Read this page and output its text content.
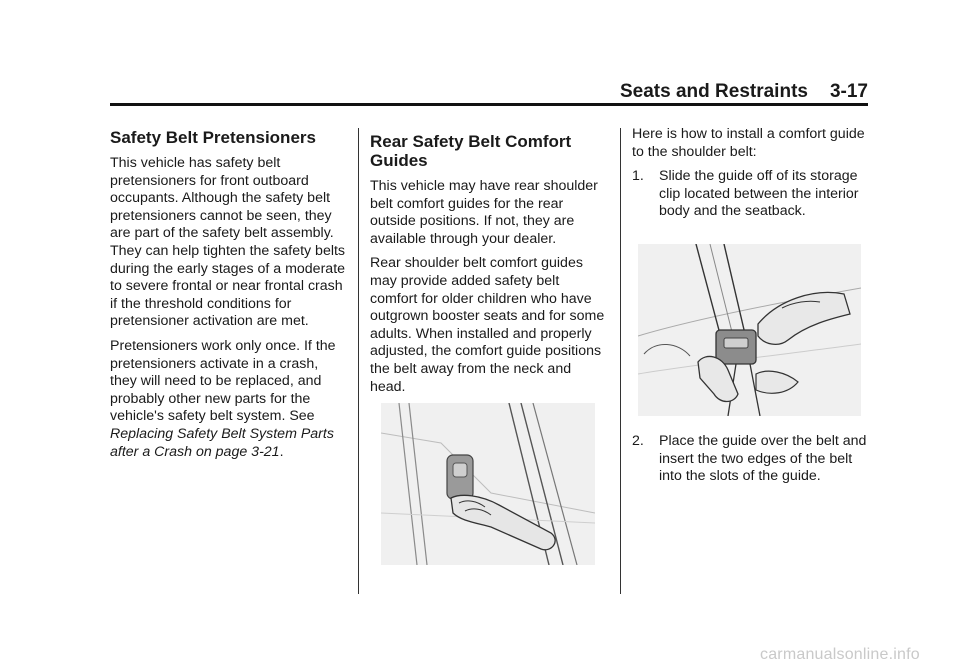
Seats and Restraints 3-17
Safety Belt Pretensioners

This vehicle has safety belt pretensioners for front outboard occupants. Although the safety belt pretensioners cannot be seen, they are part of the safety belt assembly. They can help tighten the safety belts during the early stages of a moderate to severe frontal or near frontal crash if the threshold conditions for pretensioner activation are met.

Pretensioners work only once. If the pretensioners activate in a crash, they will need to be replaced, and probably other new parts for the vehicle's safety belt system. See Replacing Safety Belt System Parts after a Crash on page 3-21.

Rear Safety Belt Comfort Guides

This vehicle may have rear shoulder belt comfort guides for the rear outside positions. If not, they are available through your dealer.

Rear shoulder belt comfort guides may provide added safety belt comfort for older children who have outgrown booster seats and for some adults. When installed and properly adjusted, the comfort guide positions the belt away from the neck and head.

Here is how to install a comfort guide to the shoulder belt:

1. Slide the guide off of its storage clip located between the interior body and the seatback.
2. Place the guide over the belt and insert the two edges of the belt into the slots of the guide.
carmanualsonline.info
